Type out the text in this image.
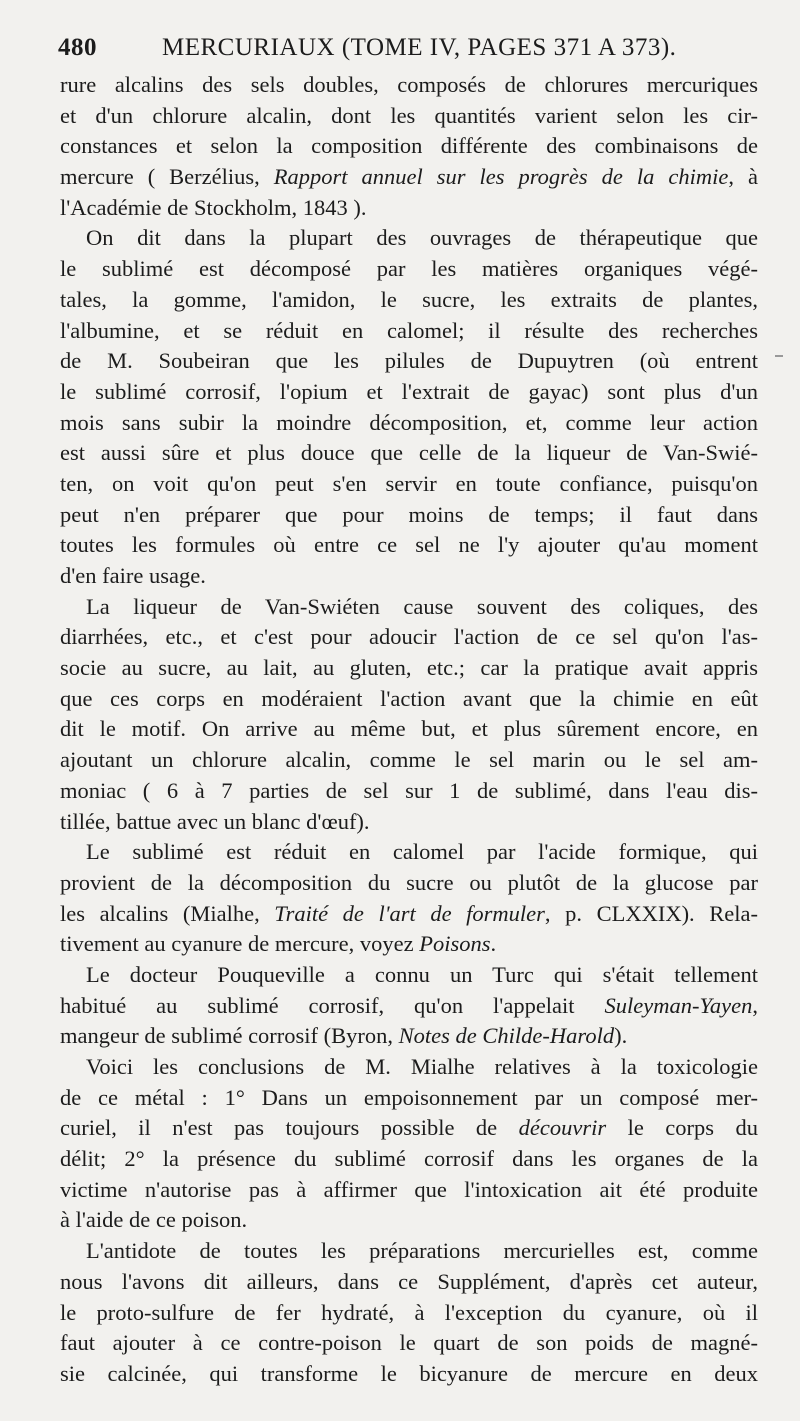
480	MERCURIAUX (TOME IV, PAGES 371 A 373).
rure alcalins des sels doubles, composés de chlorures mercuriques
et d'un chlorure alcalin, dont les quantités varient selon les cir-
constances et selon la composition différente des combinaisons de
mercure ( Berzélius, Rapport annuel sur les progrès de la chimie, à
l'Académie de Stockholm, 1843 ).
On dit dans la plupart des ouvrages de thérapeutique que
le sublimé est décomposé par les matières organiques végé-
tales, la gomme, l'amidon, le sucre, les extraits de plantes,
l'albumine, et se réduit en calomel; il résulte des recherches
de M. Soubeiran que les pilules de Dupuytren (où entrent
le sublimé corrosif, l'opium et l'extrait de gayac) sont plus d'un
mois sans subir la moindre décomposition, et, comme leur action
est aussi sûre et plus douce que celle de la liqueur de Van-Swié-
ten, on voit qu'on peut s'en servir en toute confiance, puisqu'on
peut n'en préparer que pour moins de temps; il faut dans
toutes les formules où entre ce sel ne l'y ajouter qu'au moment
d'en faire usage.
La liqueur de Van-Swiéten cause souvent des coliques, des
diarrhées, etc., et c'est pour adoucir l'action de ce sel qu'on l'as-
socie au sucre, au lait, au gluten, etc.; car la pratique avait appris
que ces corps en modéraient l'action avant que la chimie en eût
dit le motif. On arrive au même but, et plus sûrement encore, en
ajoutant un chlorure alcalin, comme le sel marin ou le sel am-
moniac ( 6 à 7 parties de sel sur 1 de sublimé, dans l'eau dis-
tillée, battue avec un blanc d'œuf).
Le sublimé est réduit en calomel par l'acide formique, qui
provient de la décomposition du sucre ou plutôt de la glucose par
les alcalins (Mialhe, Traité de l'art de formuler, p. CLXXIX). Rela-
tivement au cyanure de mercure, voyez Poisons.
Le docteur Pouqueville a connu un Turc qui s'était tellement
habitué au sublimé corrosif, qu'on l'appelait Suleyman-Yayen,
mangeur de sublimé corrosif (Byron, Notes de Childe-Harold).
Voici les conclusions de M. Mialhe relatives à la toxicologie
de ce métal : 1° Dans un empoisonnement par un composé mer-
curiel, il n'est pas toujours possible de découvrir le corps du
délit; 2° la présence du sublimé corrosif dans les organes de la
victime n'autorise pas à affirmer que l'intoxication ait été produite
à l'aide de ce poison.
L'antidote de toutes les préparations mercurielles est, comme
nous l'avons dit ailleurs, dans ce Supplément, d'après cet auteur,
le proto-sulfure de fer hydraté, à l'exception du cyanure, où il
faut ajouter à ce contre-poison le quart de son poids de magné-
sie calcinée, qui transforme le bicyanure de mercure en deux
